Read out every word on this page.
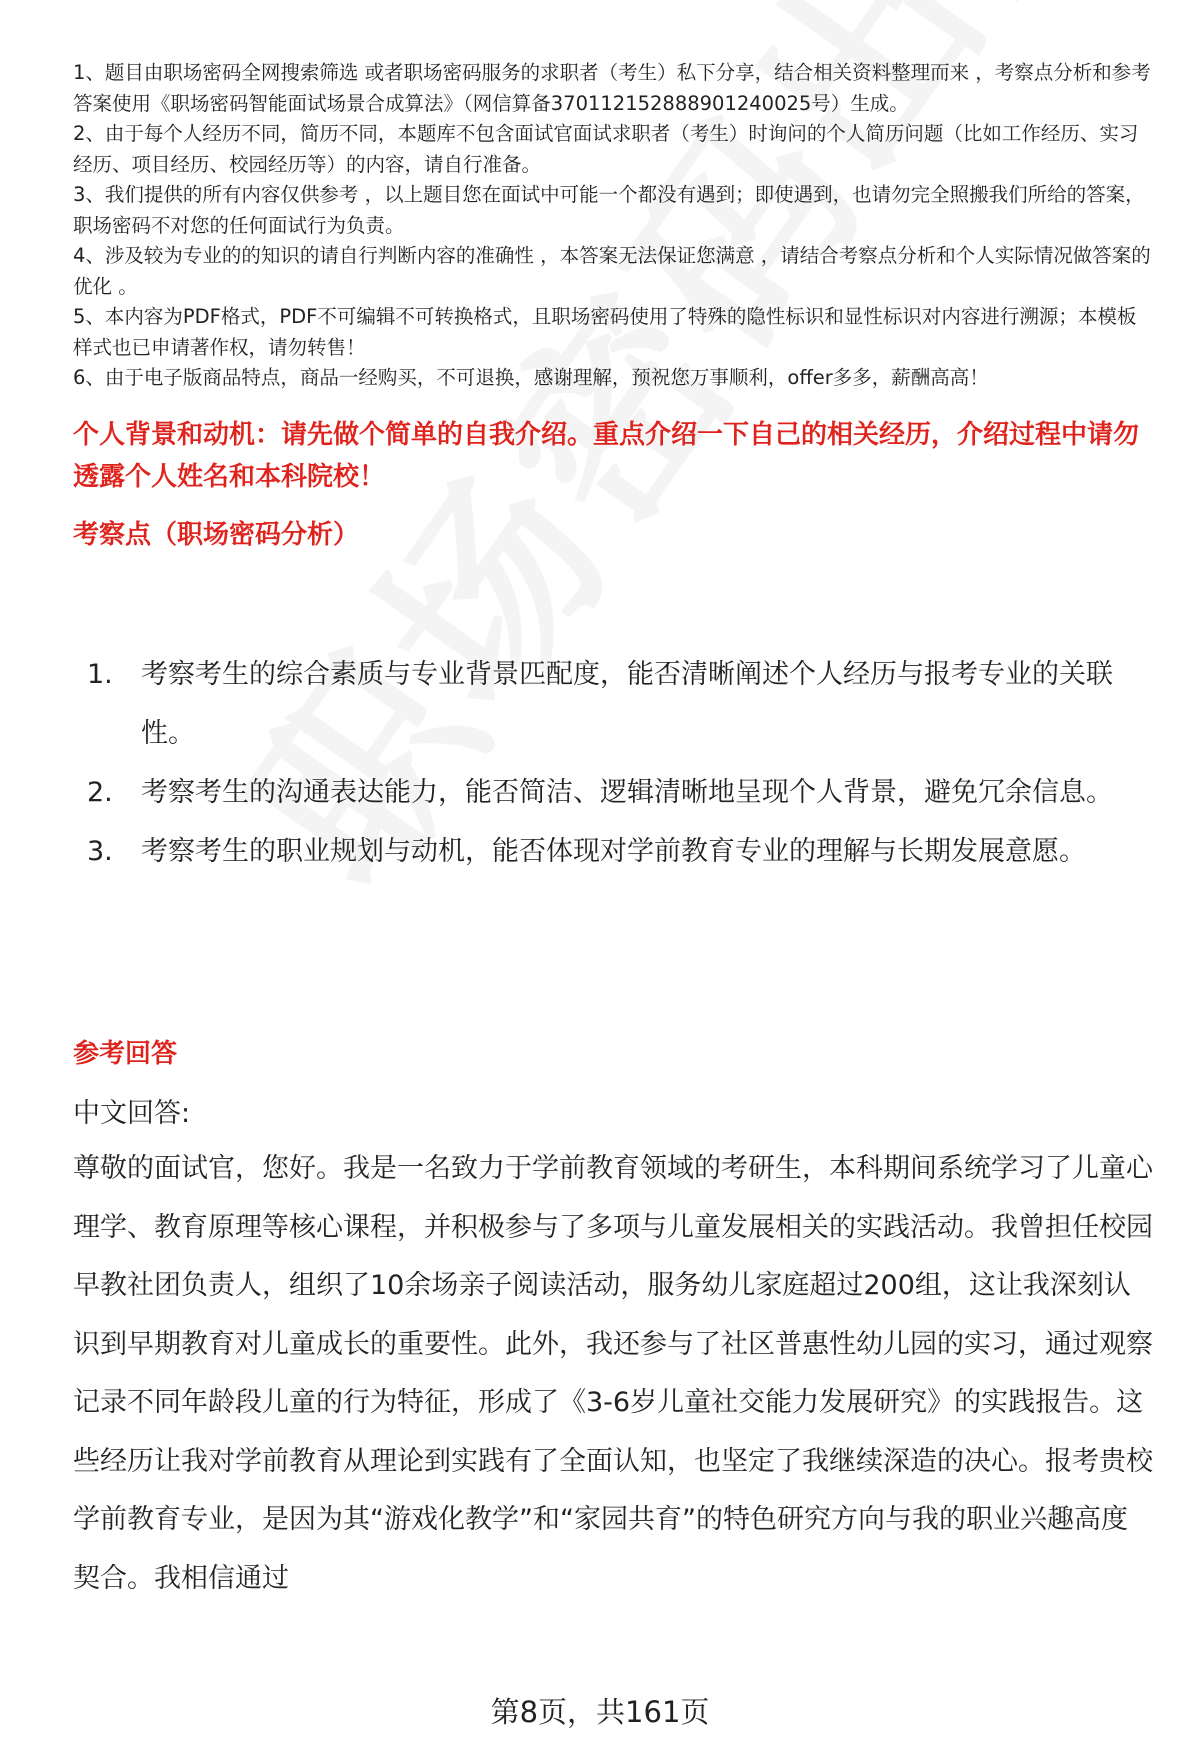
1、题目由职场密码全网搜索筛选 或者职场密码服务的求职者（考生）私下分享，结合相关资料整理而来 ，考察点分析和参考答案使用《职场密码智能面试场景合成算法》（网信算备370112152888901240025号）生成。

2、由于每个人经历不同，简历不同，本题库不包含面试官面试求职者（考生）时询问的个人简历问题（比如工作经历、实习经历、项目经历、校园经历等）的内容，请自行准备。

3、我们提供的所有内容仅供参考 ，以上题目您在面试中可能一个都没有遇到；即使遇到，也请勿完全照搬我们所给的答案，职场密码不对您的任何面试行为负责。

4、涉及较为专业的的知识的请自行判断内容的准确性 ，本答案无法保证您满意 ，请结合考察点分析和个人实际情况做答案的优化 。

5、本内容为PDF格式，PDF不可编辑不可转换格式，且职场密码使用了特殊的隐性标识和显性标识对内容进行溯源；本模板样式也已申请著作权，请勿转售！

6、由于电子版商品特点，商品一经购买，不可退换，感谢理解，预祝您万事顺利，offer多多，薪酬高高！

个人背景和动机：请先做个简单的自我介绍。重点介绍一下自己的相关经历，介绍过程中请勿透露个人姓名和本科院校！

考察点（职场密码分析）

1.	考察考生的综合素质与专业背景匹配度，能否清晰阐述个人经历与报考专业的关联性。
2.	考察考生的沟通表达能力，能否简洁、逻辑清晰地呈现个人背景，避免冗余信息。
3.	考察考生的职业规划与动机，能否体现对学前教育专业的理解与长期发展意愿。

参考回答

中文回答:

尊敬的面试官，您好。我是一名致力于学前教育领域的考研生，本科期间系统学习了儿童心理学、教育原理等核心课程，并积极参与了多项与儿童发展相关的实践活动。我曾担任校园早教社团负责人，组织了10余场亲子阅读活动，服务幼儿家庭超过200组，这让我深刻认识到早期教育对儿童成长的重要性。此外，我还参与了社区普惠性幼儿园的实习，通过观察记录不同年龄段儿童的行为特征，形成了《3-6岁儿童社交能力发展研究》的实践报告。这些经历让我对学前教育从理论到实践有了全面认知，也坚定了我继续深造的决心。报考贵校学前教育专业，是因为其“游戏化教学”和“家园共育”的特色研究方向与我的职业兴趣高度契合。我相信通过

第8页，共161页
